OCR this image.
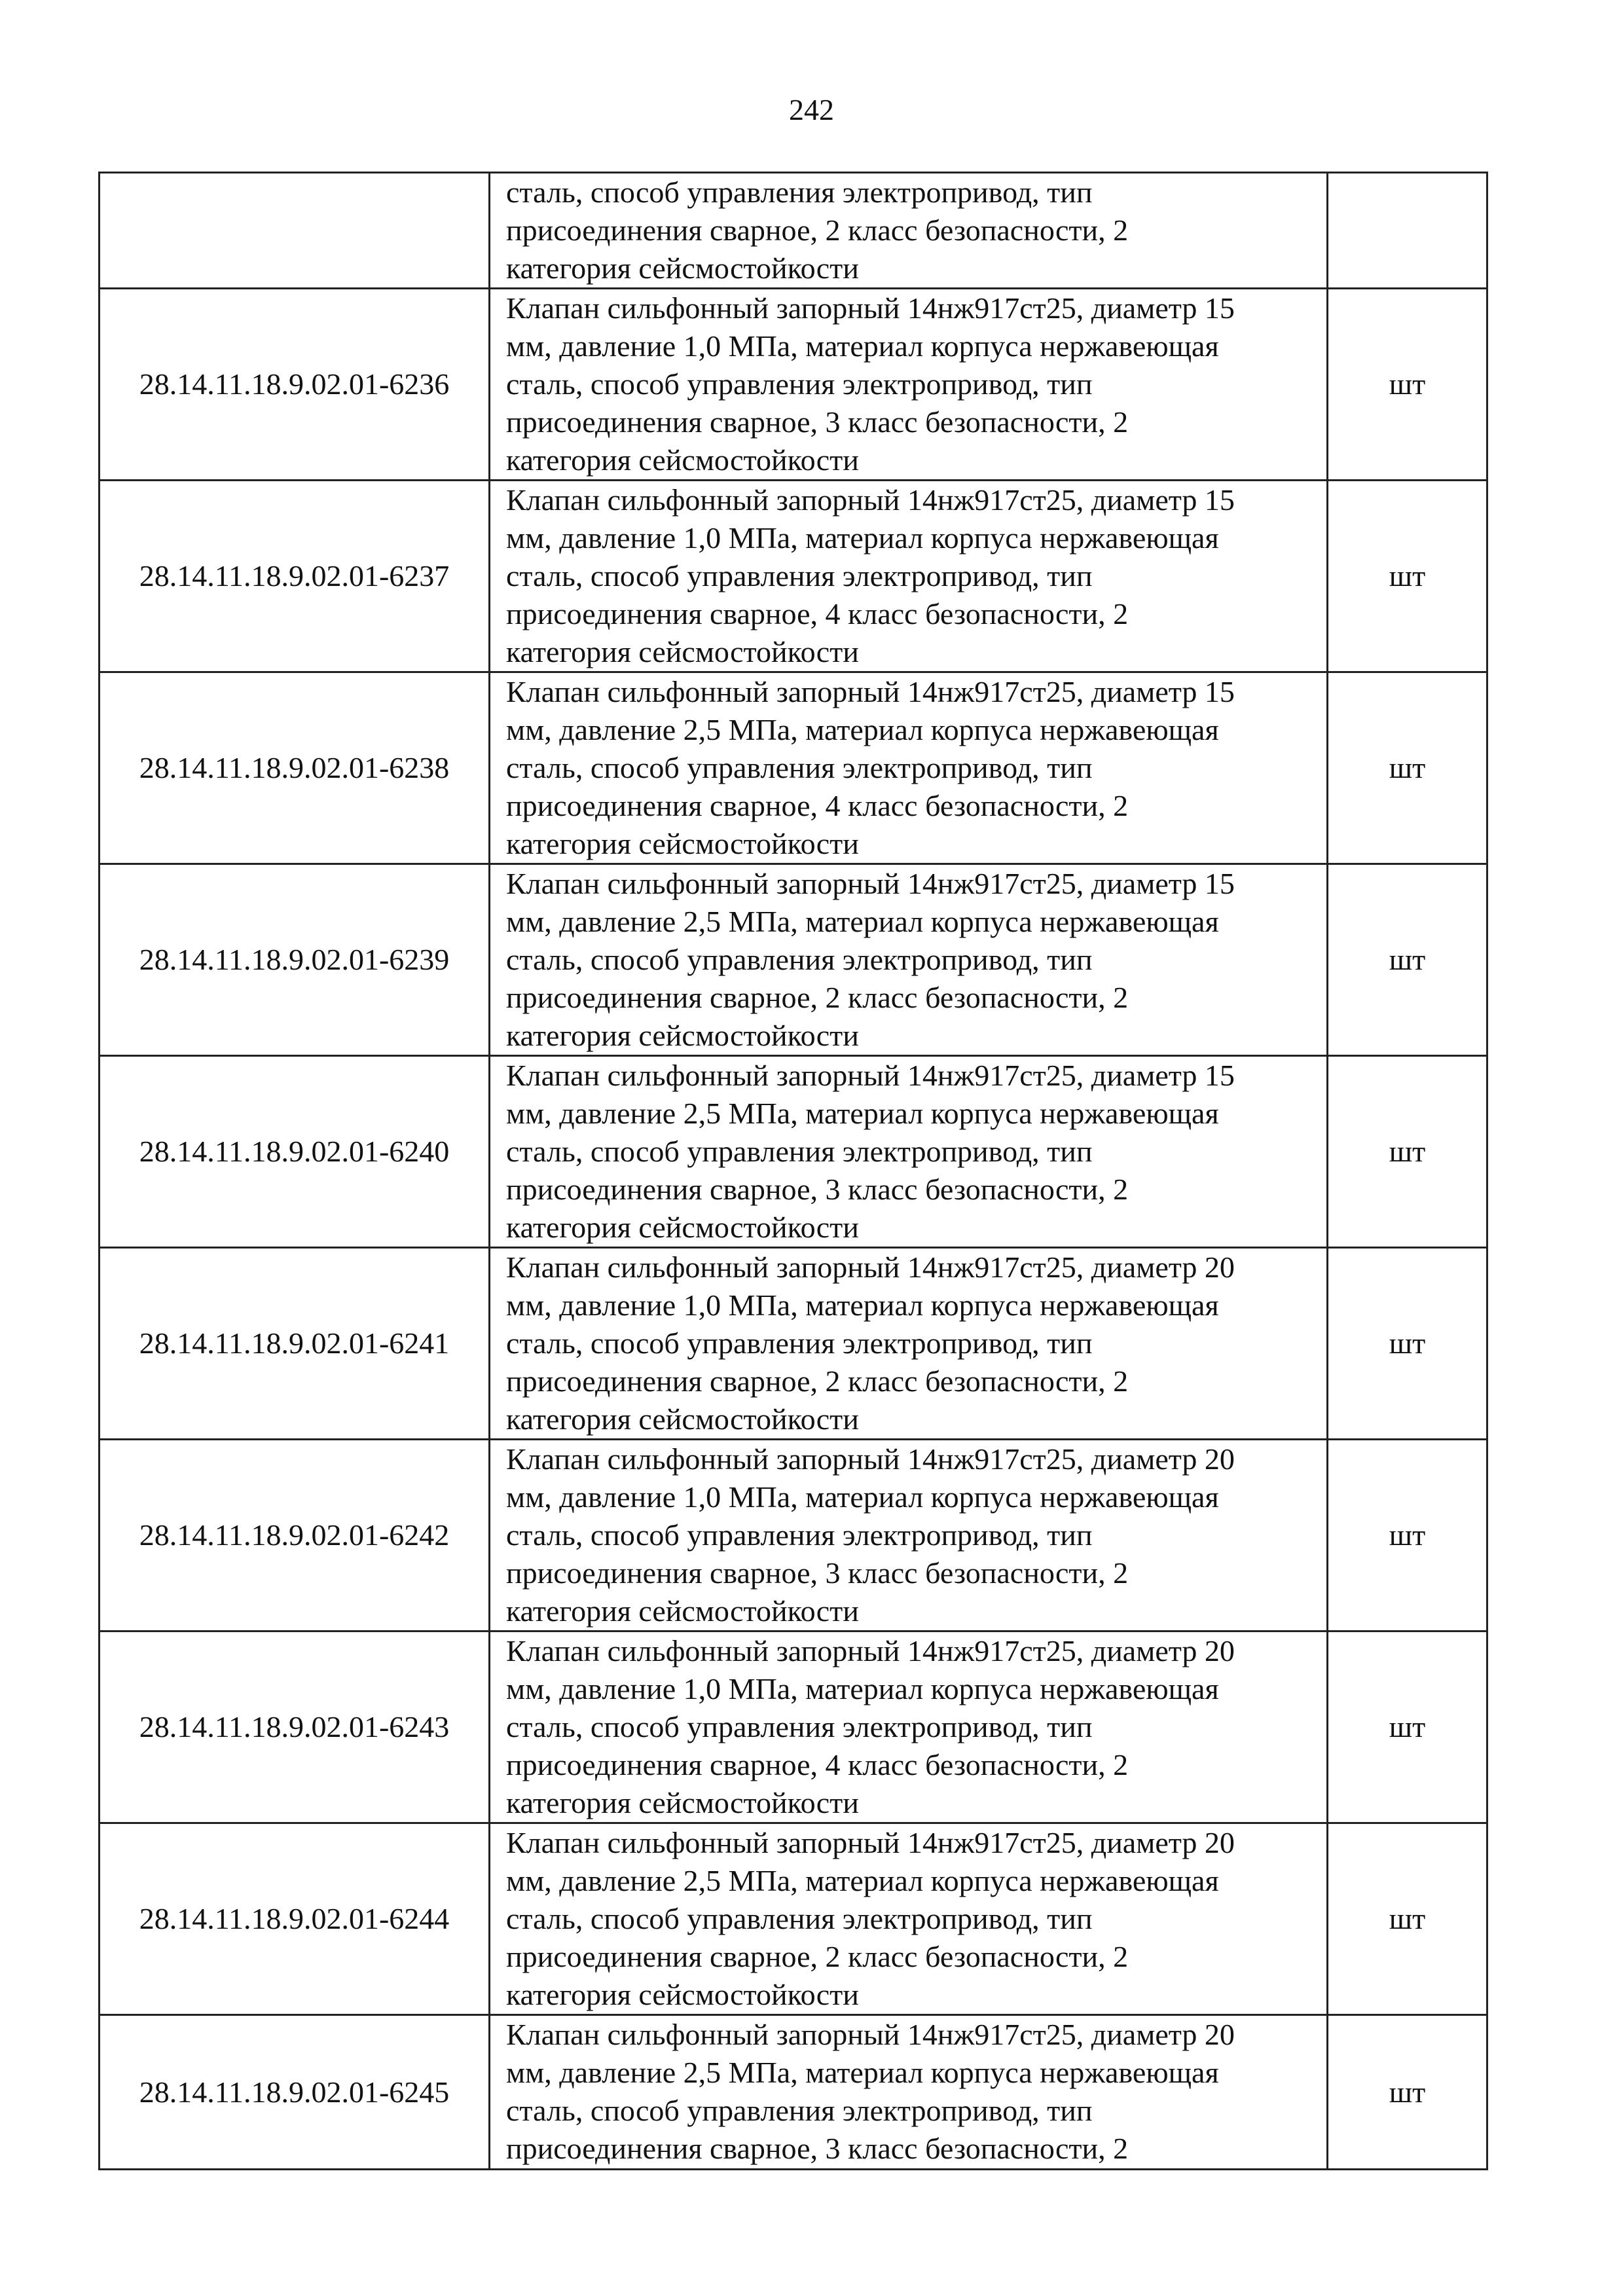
242

	сталь, способ управления электропривод, тип
присоединения сварное, 2 класс безопасности, 2
категория сейсмостойкости	

28.14.11.18.9.02.01-6236	Клапан сильфонный запорный 14нж917ст25, диаметр 15
мм, давление 1,0 МПа, материал корпуса нержавеющая
сталь, способ управления электропривод, тип
присоединения сварное, 3 класс безопасности, 2
категория сейсмостойкости	шт
28.14.11.18.9.02.01-6237	Клапан сильфонный запорный 14нж917ст25, диаметр 15
мм, давление 1,0 МПа, материал корпуса нержавеющая
сталь, способ управления электропривод, тип
присоединения сварное, 4 класс безопасности, 2
категория сейсмостойкости	шт
28.14.11.18.9.02.01-6238	Клапан сильфонный запорный 14нж917ст25, диаметр 15
мм, давление 2,5 МПа, материал корпуса нержавеющая
сталь, способ управления электропривод, тип
присоединения сварное, 4 класс безопасности, 2
категория сейсмостойкости	шт
28.14.11.18.9.02.01-6239	Клапан сильфонный запорный 14нж917ст25, диаметр 15
мм, давление 2,5 МПа, материал корпуса нержавеющая
сталь, способ управления электропривод, тип
присоединения сварное, 2 класс безопасности, 2
категория сейсмостойкости	шт
28.14.11.18.9.02.01-6240	Клапан сильфонный запорный 14нж917ст25, диаметр 15
мм, давление 2,5 МПа, материал корпуса нержавеющая
сталь, способ управления электропривод, тип
присоединения сварное, 3 класс безопасности, 2
категория сейсмостойкости	шт
28.14.11.18.9.02.01-6241	Клапан сильфонный запорный 14нж917ст25, диаметр 20
мм, давление 1,0 МПа, материал корпуса нержавеющая
сталь, способ управления электропривод, тип
присоединения сварное, 2 класс безопасности, 2
категория сейсмостойкости	шт
28.14.11.18.9.02.01-6242	Клапан сильфонный запорный 14нж917ст25, диаметр 20
мм, давление 1,0 МПа, материал корпуса нержавеющая
сталь, способ управления электропривод, тип
присоединения сварное, 3 класс безопасности, 2
категория сейсмостойкости	шт
28.14.11.18.9.02.01-6243	Клапан сильфонный запорный 14нж917ст25, диаметр 20
мм, давление 1,0 МПа, материал корпуса нержавеющая
сталь, способ управления электропривод, тип
присоединения сварное, 4 класс безопасности, 2
категория сейсмостойкости	шт
28.14.11.18.9.02.01-6244	Клапан сильфонный запорный 14нж917ст25, диаметр 20
мм, давление 2,5 МПа, материал корпуса нержавеющая
сталь, способ управления электропривод, тип
присоединения сварное, 2 класс безопасности, 2
категория сейсмостойкости	шт
28.14.11.18.9.02.01-6245	Клапан сильфонный запорный 14нж917ст25, диаметр 20
мм, давление 2,5 МПа, материал корпуса нержавеющая
сталь, способ управления электропривод, тип
присоединения сварное, 3 класс безопасности, 2	шт
